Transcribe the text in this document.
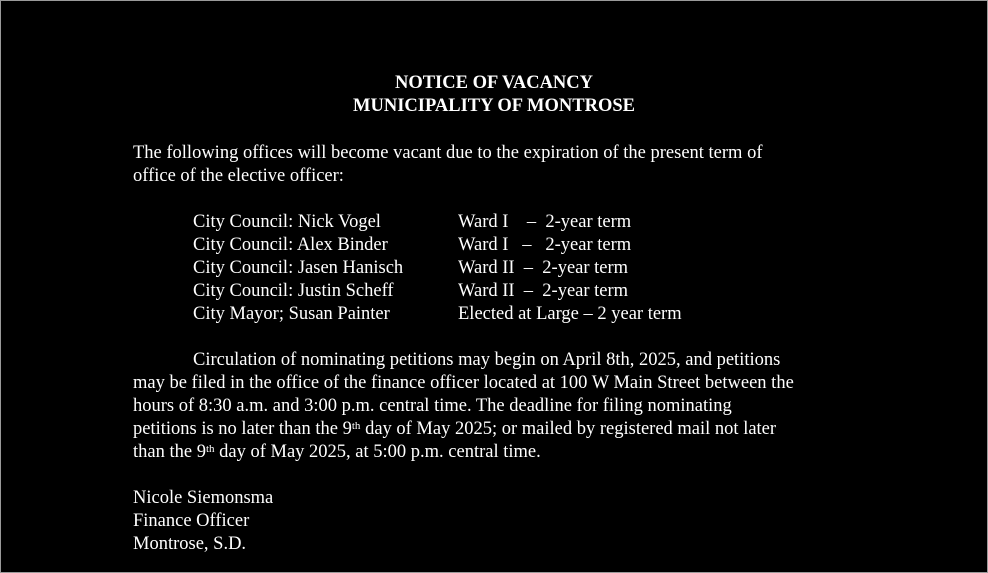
NOTICE OF VACANCY
MUNICIPALITY OF MONTROSE
The following offices will become vacant due to the expiration of the present term of
office of the elective officer:
City Council: Nick Vogel	Ward I    –  2-year term
City Council: Alex Binder	Ward I   –   2-year term
City Council: Jasen Hanisch	Ward II  –  2-year term
City Council: Justin Scheff	Ward II  –  2-year term
City Mayor; Susan Painter	Elected at Large – 2 year term
Circulation of nominating petitions may begin on April 8th, 2025, and petitions
may be filed in the office of the finance officer located at 100 W Main Street between the
hours of 8:30 a.m. and 3:00 p.m. central time. The deadline for filing nominating
petitions is no later than the 9th day of May 2025; or mailed by registered mail not later
than the 9th day of May 2025, at 5:00 p.m. central time.
Nicole Siemonsma
Finance Officer
Montrose, S.D.
